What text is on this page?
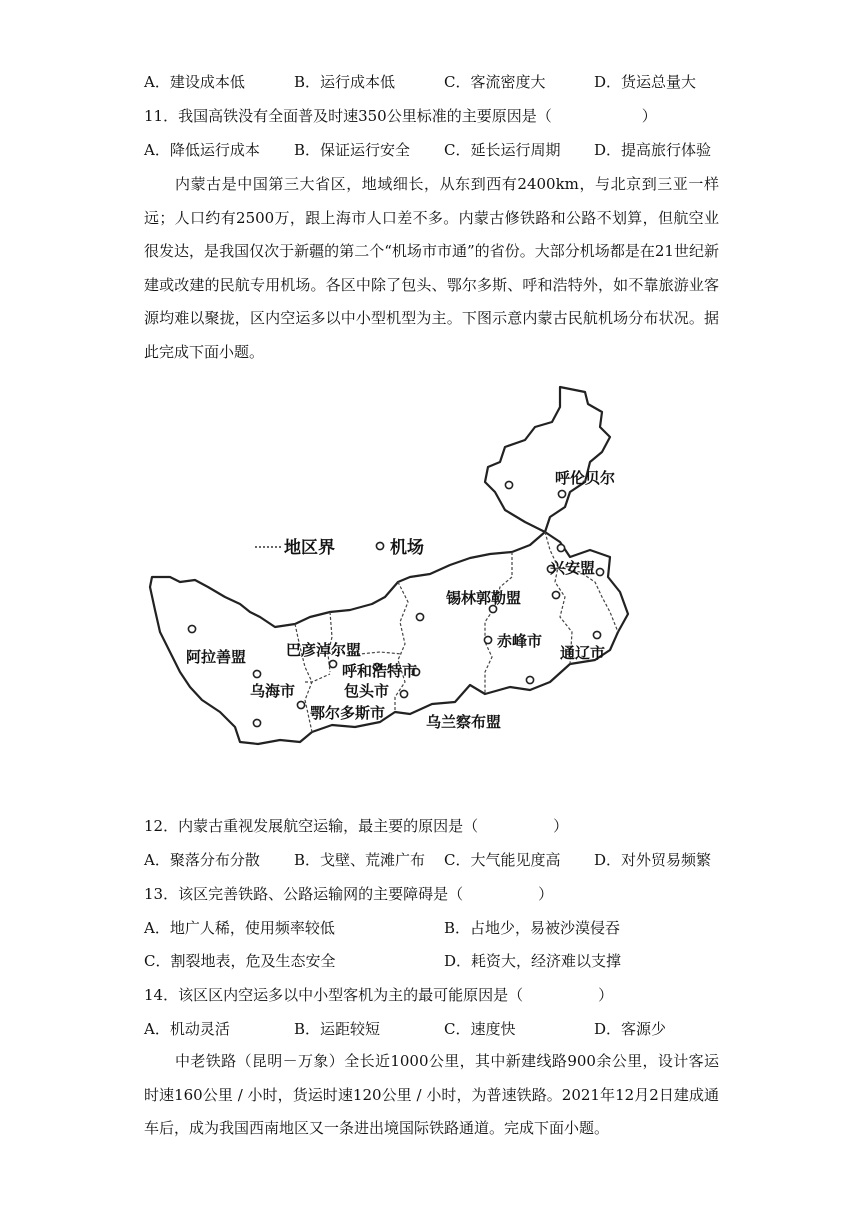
A．建设成本低	B．运行成本低	C．客流密度大	D．货运总量大
11．我国高铁没有全面普及时速350公里标准的主要原因是（　　　　　　）
A．降低运行成本 B．保证运行安全 C．延长运行周期 D．提高旅行体验
内蒙古是中国第三大省区，地域细长，从东到西有2400km，与北京到三亚一样远；人口约有2500万，跟上海市人口差不多。内蒙古修铁路和公路不划算，但航空业很发达，是我国仅次于新疆的第二个“机场市市通”的省份。大部分机场都是在21世纪新建或改建的民航专用机场。各区中除了包头、鄂尔多斯、呼和浩特外，如不靠旅游业客源均难以聚拢，区内空运多以中小型机型为主。下图示意内蒙古民航机场分布状况。据此完成下面小题。
地区界	机场
呼伦贝尔
兴安盟
锡林郭勒盟
赤峰市
通辽市
阿拉善盟	巴彦淖尔盟
呼和浩特市
包头市
乌海市
鄂尔多斯市	乌兰察布盟
12．内蒙古重视发展航空运输，最主要的原因是（　　　　　）
A．聚落分布分散 B．戈壁、荒滩广布 C．大气能见度高 D．对外贸易频繁
13．该区完善铁路、公路运输网的主要障碍是（　　　　　）
A．地广人稀，使用频率较低	B．占地少，易被沙漠侵吞
C．割裂地表，危及生态安全	D．耗资大，经济难以支撑
14．该区区内空运多以中小型客机为主的最可能原因是（　　　　　）
A．机动灵活	B．运距较短	C．速度快	D．客源少
中老铁路（昆明－万象）全长近1000公里，其中新建线路900余公里，设计客运时速160公里 / 小时，货运时速120公里 / 小时，为普速铁路。2021年12月2日建成通车后，成为我国西南地区又一条进出境国际铁路通道。完成下面小题。
